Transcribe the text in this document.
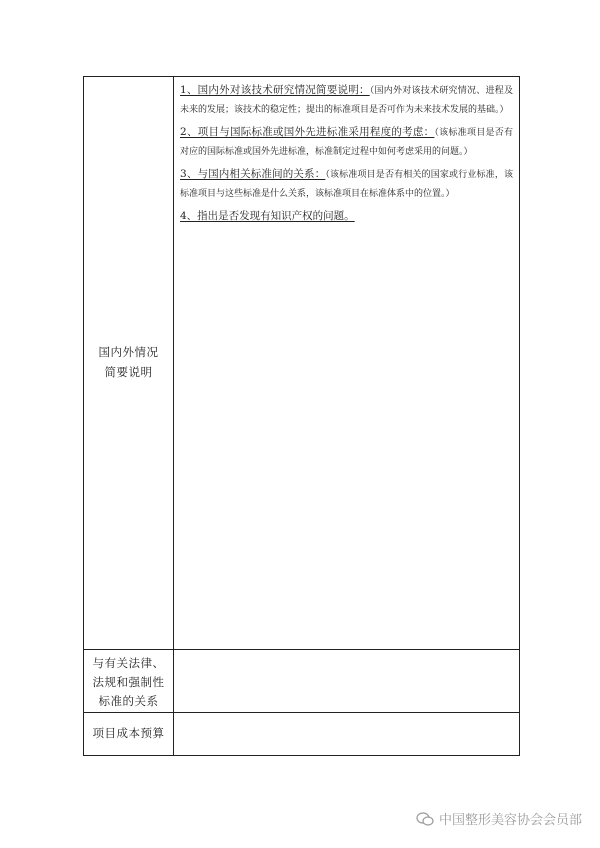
国内外情况
简要说明

1、国内外对该技术研究情况简要说明：（国内外对该技术研究情况、进程及未来的发展；该技术的稳定性；提出的标准项目是否可作为未来技术发展的基础。）

2、项目与国际标准或国外先进标准采用程度的考虑：（该标准项目是否有对应的国际标准或国外先进标准，标准制定过程中如何考虑采用的问题。）

3、与国内相关标准间的关系：（该标准项目是否有相关的国家或行业标准，该标准项目与这些标准是什么关系，该标准项目在标准体系中的位置。）

4、指出是否发现有知识产权的问题。

与有关法律、法规和强制性标准的关系
项目成本预算
中国整形美容协会会员部
